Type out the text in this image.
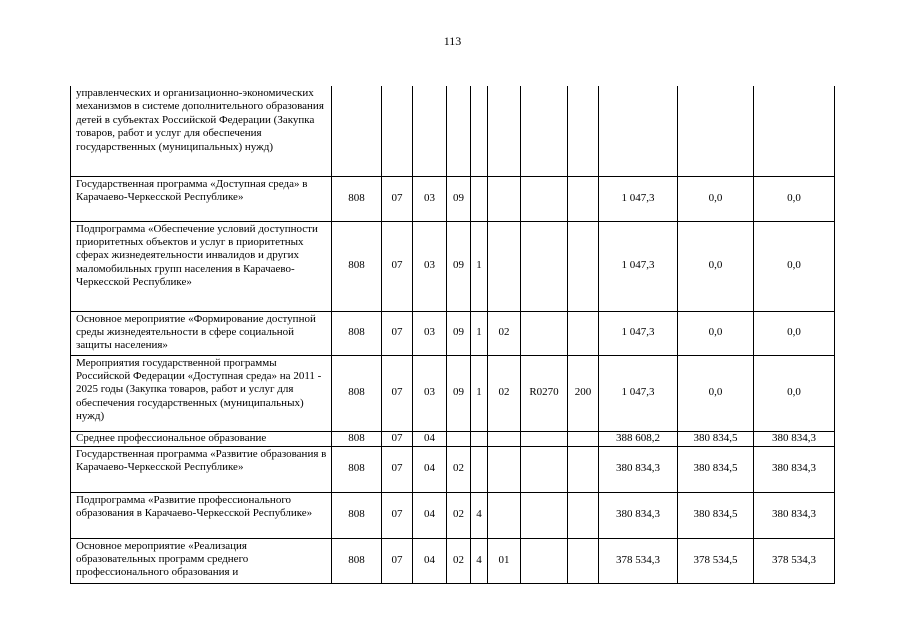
113
управленческих и организационно-экономических механизмов в системе дополнительного образования детей в субъектах Российской Федерации (Закупка товаров, работ и услуг для обеспечения государственных (муниципальных) нужд)											
Государственная программа «Доступная среда» в Карачаево-Черкесской Республике»	808	07	03	09					1 047,3	0,0	0,0
Подпрограмма «Обеспечение условий доступности приоритетных объектов и услуг в приоритетных сферах жизнедеятельности инвалидов и других маломобильных групп населения в Карачаево-Черкесской Республике»	808	07	03	09	1				1 047,3	0,0	0,0
Основное мероприятие «Формирование доступной среды жизнедеятельности в сфере социальной защиты населения»	808	07	03	09	1	02			1 047,3	0,0	0,0
Мероприятия государственной программы Российской Федерации «Доступная среда» на 2011 - 2025 годы (Закупка товаров, работ и услуг для обеспечения государственных (муниципальных) нужд)	808	07	03	09	1	02	R0270	200	1 047,3	0,0	0,0
Среднее профессиональное образование	808	07	04						388 608,2	380 834,5	380 834,3
Государственная программа «Развитие образования в Карачаево-Черкесской Республике»	808	07	04	02					380 834,3	380 834,5	380 834,3
Подпрограмма «Развитие профессионального образования в Карачаево-Черкесской Республике»	808	07	04	02	4				380 834,3	380 834,5	380 834,3
Основное мероприятие «Реализация образовательных программ среднего профессионального образования и	808	07	04	02	4	01			378 534,3	378 534,5	378 534,3
